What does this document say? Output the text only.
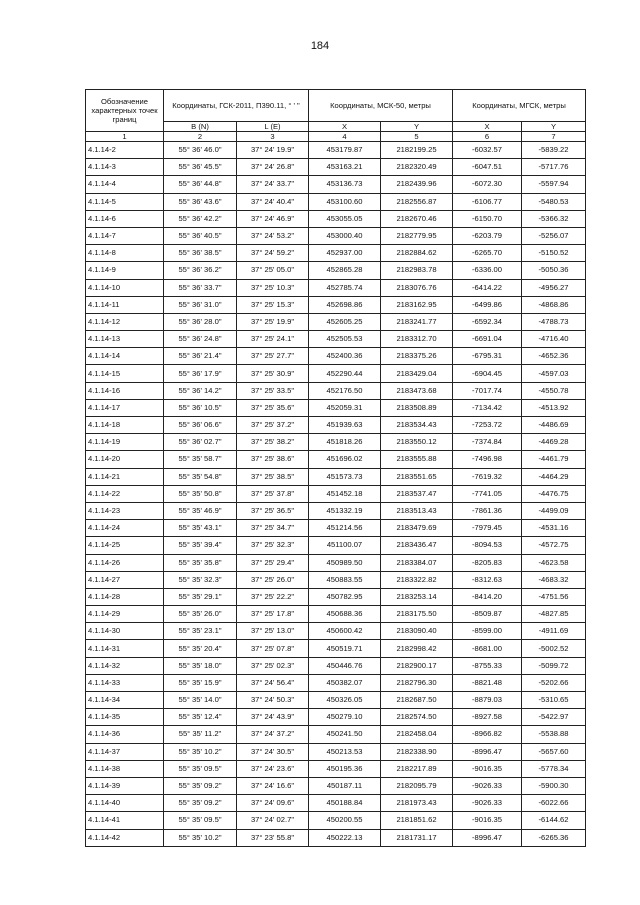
184
Обозначение характерных точек границ	Координаты, ГСК-2011, П390.11, ° ' "		Координаты, МСК-50, метры		Координаты, МГСК, метры	
	B (N)	L (E)	X	Y	X	Y
1	2	3	4	5	6	7
4.1.14-2	55° 36' 46.0"	37° 24' 19.9"	453179.87	2182199.25	-6032.57	-5839.22
4.1.14-3	55° 36' 45.5"	37° 24' 26.8"	453163.21	2182320.49	-6047.51	-5717.76
4.1.14-4	55° 36' 44.8"	37° 24' 33.7"	453136.73	2182439.96	-6072.30	-5597.94
4.1.14-5	55° 36' 43.6"	37° 24' 40.4"	453100.60	2182556.87	-6106.77	-5480.53
4.1.14-6	55° 36' 42.2"	37° 24' 46.9"	453055.05	2182670.46	-6150.70	-5366.32
4.1.14-7	55° 36' 40.5"	37° 24' 53.2"	453000.40	2182779.95	-6203.79	-5256.07
4.1.14-8	55° 36' 38.5"	37° 24' 59.2"	452937.00	2182884.62	-6265.70	-5150.52
4.1.14-9	55° 36' 36.2"	37° 25' 05.0"	452865.28	2182983.78	-6336.00	-5050.36
4.1.14-10	55° 36' 33.7"	37° 25' 10.3"	452785.74	2183076.76	-6414.22	-4956.27
4.1.14-11	55° 36' 31.0"	37° 25' 15.3"	452698.86	2183162.95	-6499.86	-4868.86
4.1.14-12	55° 36' 28.0"	37° 25' 19.9"	452605.25	2183241.77	-6592.34	-4788.73
4.1.14-13	55° 36' 24.8"	37° 25' 24.1"	452505.53	2183312.70	-6691.04	-4716.40
4.1.14-14	55° 36' 21.4"	37° 25' 27.7"	452400.36	2183375.26	-6795.31	-4652.36
4.1.14-15	55° 36' 17.9"	37° 25' 30.9"	452290.44	2183429.04	-6904.45	-4597.03
4.1.14-16	55° 36' 14.2"	37° 25' 33.5"	452176.50	2183473.68	-7017.74	-4550.78
4.1.14-17	55° 36' 10.5"	37° 25' 35.6"	452059.31	2183508.89	-7134.42	-4513.92
4.1.14-18	55° 36' 06.6"	37° 25' 37.2"	451939.63	2183534.43	-7253.72	-4486.69
4.1.14-19	55° 36' 02.7"	37° 25' 38.2"	451818.26	2183550.12	-7374.84	-4469.28
4.1.14-20	55° 35' 58.7"	37° 25' 38.6"	451696.02	2183555.88	-7496.98	-4461.79
4.1.14-21	55° 35' 54.8"	37° 25' 38.5"	451573.73	2183551.65	-7619.32	-4464.29
4.1.14-22	55° 35' 50.8"	37° 25' 37.8"	451452.18	2183537.47	-7741.05	-4476.75
4.1.14-23	55° 35' 46.9"	37° 25' 36.5"	451332.19	2183513.43	-7861.36	-4499.09
4.1.14-24	55° 35' 43.1"	37° 25' 34.7"	451214.56	2183479.69	-7979.45	-4531.16
4.1.14-25	55° 35' 39.4"	37° 25' 32.3"	451100.07	2183436.47	-8094.53	-4572.75
4.1.14-26	55° 35' 35.8"	37° 25' 29.4"	450989.50	2183384.07	-8205.83	-4623.58
4.1.14-27	55° 35' 32.3"	37° 25' 26.0"	450883.55	2183322.82	-8312.63	-4683.32
4.1.14-28	55° 35' 29.1"	37° 25' 22.2"	450782.95	2183253.14	-8414.20	-4751.56
4.1.14-29	55° 35' 26.0"	37° 25' 17.8"	450688.36	2183175.50	-8509.87	-4827.85
4.1.14-30	55° 35' 23.1"	37° 25' 13.0"	450600.42	2183090.40	-8599.00	-4911.69
4.1.14-31	55° 35' 20.4"	37° 25' 07.8"	450519.71	2182998.42	-8681.00	-5002.52
4.1.14-32	55° 35' 18.0"	37° 25' 02.3"	450446.76	2182900.17	-8755.33	-5099.72
4.1.14-33	55° 35' 15.9"	37° 24' 56.4"	450382.07	2182796.30	-8821.48	-5202.66
4.1.14-34	55° 35' 14.0"	37° 24' 50.3"	450326.05	2182687.50	-8879.03	-5310.65
4.1.14-35	55° 35' 12.4"	37° 24' 43.9"	450279.10	2182574.50	-8927.58	-5422.97
4.1.14-36	55° 35' 11.2"	37° 24' 37.2"	450241.50	2182458.04	-8966.82	-5538.88
4.1.14-37	55° 35' 10.2"	37° 24' 30.5"	450213.53	2182338.90	-8996.47	-5657.60
4.1.14-38	55° 35' 09.5"	37° 24' 23.6"	450195.36	2182217.89	-9016.35	-5778.34
4.1.14-39	55° 35' 09.2"	37° 24' 16.6"	450187.11	2182095.79	-9026.33	-5900.30
4.1.14-40	55° 35' 09.2"	37° 24' 09.6"	450188.84	2181973.43	-9026.33	-6022.66
4.1.14-41	55° 35' 09.5"	37° 24' 02.7"	450200.55	2181851.62	-9016.35	-6144.62
4.1.14-42	55° 35' 10.2"	37° 23' 55.8"	450222.13	2181731.17	-8996.47	-6265.36
